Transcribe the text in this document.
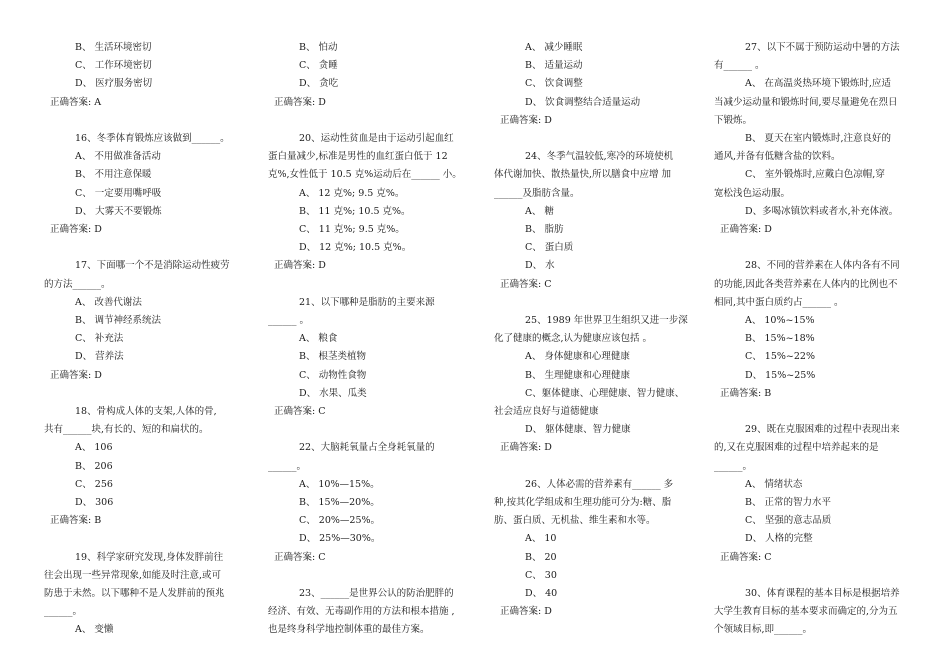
B、 生活环境密切
C、 工作环境密切
D、 医疗服务密切
正确答案: A
16、冬季体育锻炼应该做到______。
A、 不用做准备活动
B、 不用注意保暖
C、 一定要用嘴呼吸
D、 大雾天不要锻炼
正确答案: D
17、下面哪一个不是消除运动性疲劳
的方法______。
A、 改善代谢法
B、 调节神经系统法
C、 补充法
D、 营养法
正确答案: D
18、骨构成人体的支架,人体的骨,
共有______块,有长的、短的和扁状的。
A、 106
B、 206
C、 256
D、 306
正确答案: B
19、科学家研究发现,身体发胖前往
往会出现一些异常现象,如能及时注意,或可
防患于未然。以下哪种不是人发胖前的预兆
______。
A、 变懒
B、 怕动
C、 贪睡
D、 贪吃
正确答案: D
20、运动性贫血是由于运动引起血红
蛋白量减少,标准是男性的血红蛋白低于 12
克%,女性低于 10.5 克%运动后在______ 小。
A、 12 克%; 9.5 克%。
B、 11 克%; 10.5 克%。
C、 11 克%; 9.5 克%。
D、 12 克%; 10.5 克%。
正确答案: D
21、以下哪种是脂肪的主要来源
______ 。
A、 粮食
B、 根茎类植物
C、 动物性食物
D、 水果、瓜类
正确答案: C
22、大脑耗氧量占全身耗氧量的
______。
A、 10%—15%。
B、 15%—20%。
C、 20%—25%。
D、 25%—30%。
正确答案: C
23、______是世界公认的防治肥胖的
经济、有效、无毒副作用的方法和根本措施 ,
也是终身科学地控制体重的最佳方案。
A、 减少睡眠
B、 适量运动
C、 饮食调整
D、 饮食调整结合适量运动
正确答案: D
24、冬季气温较低,寒冷的环境使机
体代谢加快、散热量快,所以膳食中应增 加
______及脂肪含量。
A、 糖
B、 脂肪
C、 蛋白质
D、 水
正确答案: C
25、1989 年世界卫生组织又进一步深
化了健康的概念,认为健康应该包括 。
A、 身体健康和心理健康
B、 生理健康和心理健康
C、躯体健康、心理健康、智力健康、
社会适应良好与道德健康
D、 躯体健康、智力健康
正确答案: D
26、人体必需的营养素有______ 多
种,按其化学组成和生理功能可分为:糖、脂
肪、蛋白质、无机盐、维生素和水等。
A、 10
B、 20
C、 30
D、 40
正确答案: D
27、以下不属于预防运动中暑的方法
有______ 。
A、 在高温炎热环境下锻炼时,应适
当减少运动量和锻炼时间,要尽量避免在烈日
下锻炼。
B、 夏天在室内锻炼时,注意良好的
通风,并备有低糖含盐的饮料。
C、 室外锻炼时,应戴白色凉帽,穿
宽松浅色运动服。
D、多喝冰镇饮料或者水,补充体液。
正确答案: D
28、不同的营养素在人体内各有不同
的功能,因此各类营养素在人体内的比例也不
相同,其中蛋白质约占______ 。
A、 10%~15%
B、 15%~18%
C、 15%~22%
D、 15%~25%
正确答案: B
29、既在克服困难的过程中表现出来
的,又在克服困难的过程中培养起来的是
______。
A、 情绪状态
B、 正常的智力水平
C、 坚强的意志品质
D、 人格的完整
正确答案: C
30、体育课程的基本目标是根据培养
大学生教育目标的基本要求而确定的,分为五
个领域目标,即______。
